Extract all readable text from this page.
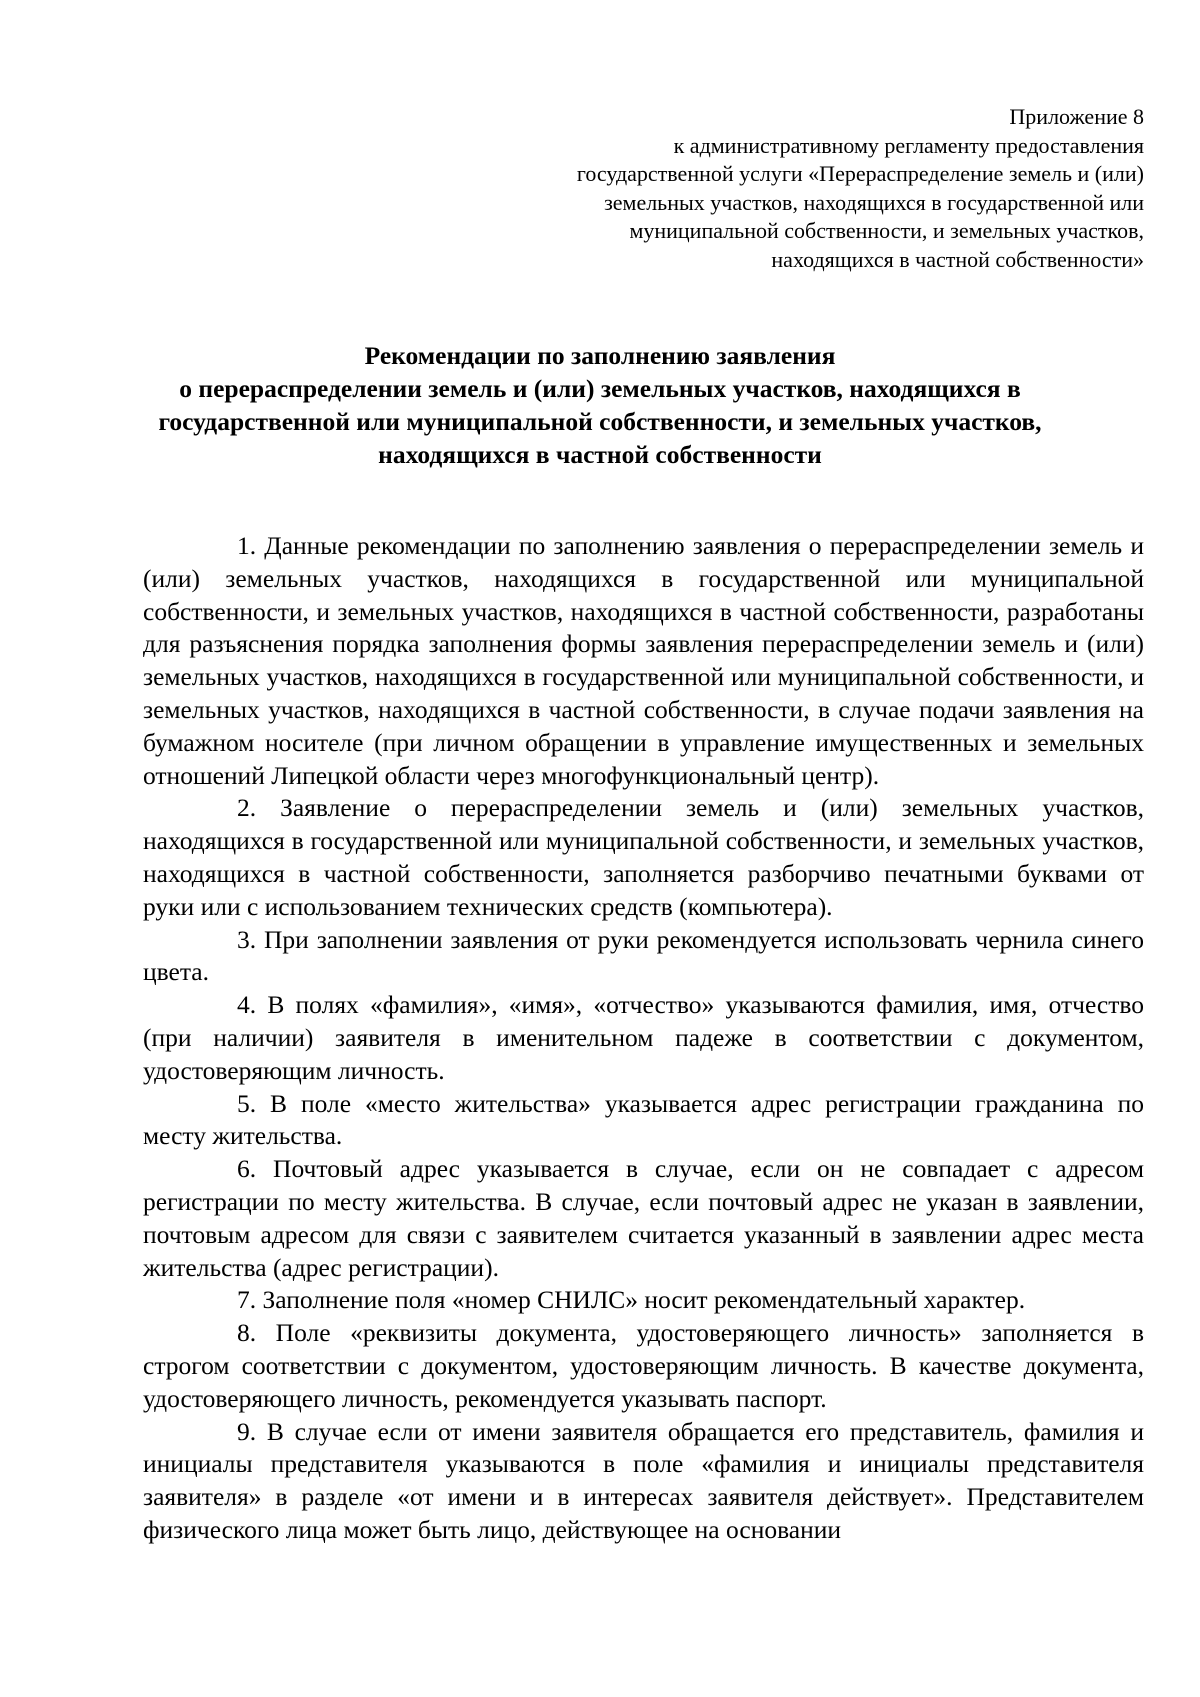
Приложение 8
к административному регламенту предоставления
государственной услуги «Перераспределение земель и (или)
земельных участков, находящихся в государственной или
муниципальной собственности, и земельных участков,
находящихся в частной собственности»
Рекомендации по заполнению заявления
о перераспределении земель и (или) земельных участков, находящихся в
государственной или муниципальной собственности, и земельных участков,
находящихся в частной собственности

1. Данные рекомендации по заполнению заявления о перераспределении земель и (или) земельных участков, находящихся в государственной или муниципальной собственности, и земельных участков, находящихся в частной собственности, разработаны для разъяснения порядка заполнения формы заявления перераспределении земель и (или) земельных участков, находящихся в государственной или муниципальной собственности, и земельных участков, находящихся в частной собственности, в случае подачи заявления на бумажном носителе (при личном обращении в управление имущественных и земельных отношений Липецкой области через многофункциональный центр).

2. Заявление о перераспределении земель и (или) земельных участков, находящихся в государственной или муниципальной собственности, и земельных участков, находящихся в частной собственности, заполняется разборчиво печатными буквами от руки или с использованием технических средств (компьютера).

3. При заполнении заявления от руки рекомендуется использовать чернила синего цвета.

4. В полях «фамилия», «имя», «отчество» указываются фамилия, имя, отчество (при наличии) заявителя в именительном падеже в соответствии с документом, удостоверяющим личность.

5. В поле «место жительства» указывается адрес регистрации гражданина по месту жительства.

6. Почтовый адрес указывается в случае, если он не совпадает с адресом регистрации по месту жительства. В случае, если почтовый адрес не указан в заявлении, почтовым адресом для связи с заявителем считается указанный в заявлении адрес места жительства (адрес регистрации).

7. Заполнение поля «номер СНИЛС» носит рекомендательный характер.

8. Поле «реквизиты документа, удостоверяющего личность» заполняется в строгом соответствии с документом, удостоверяющим личность. В качестве документа, удостоверяющего личность, рекомендуется указывать паспорт.

9. В случае если от имени заявителя обращается его представитель, фамилия и инициалы представителя указываются в поле «фамилия и инициалы представителя заявителя» в разделе «от имени и в интересах заявителя действует». Представителем физического лица может быть лицо, действующее на основании
